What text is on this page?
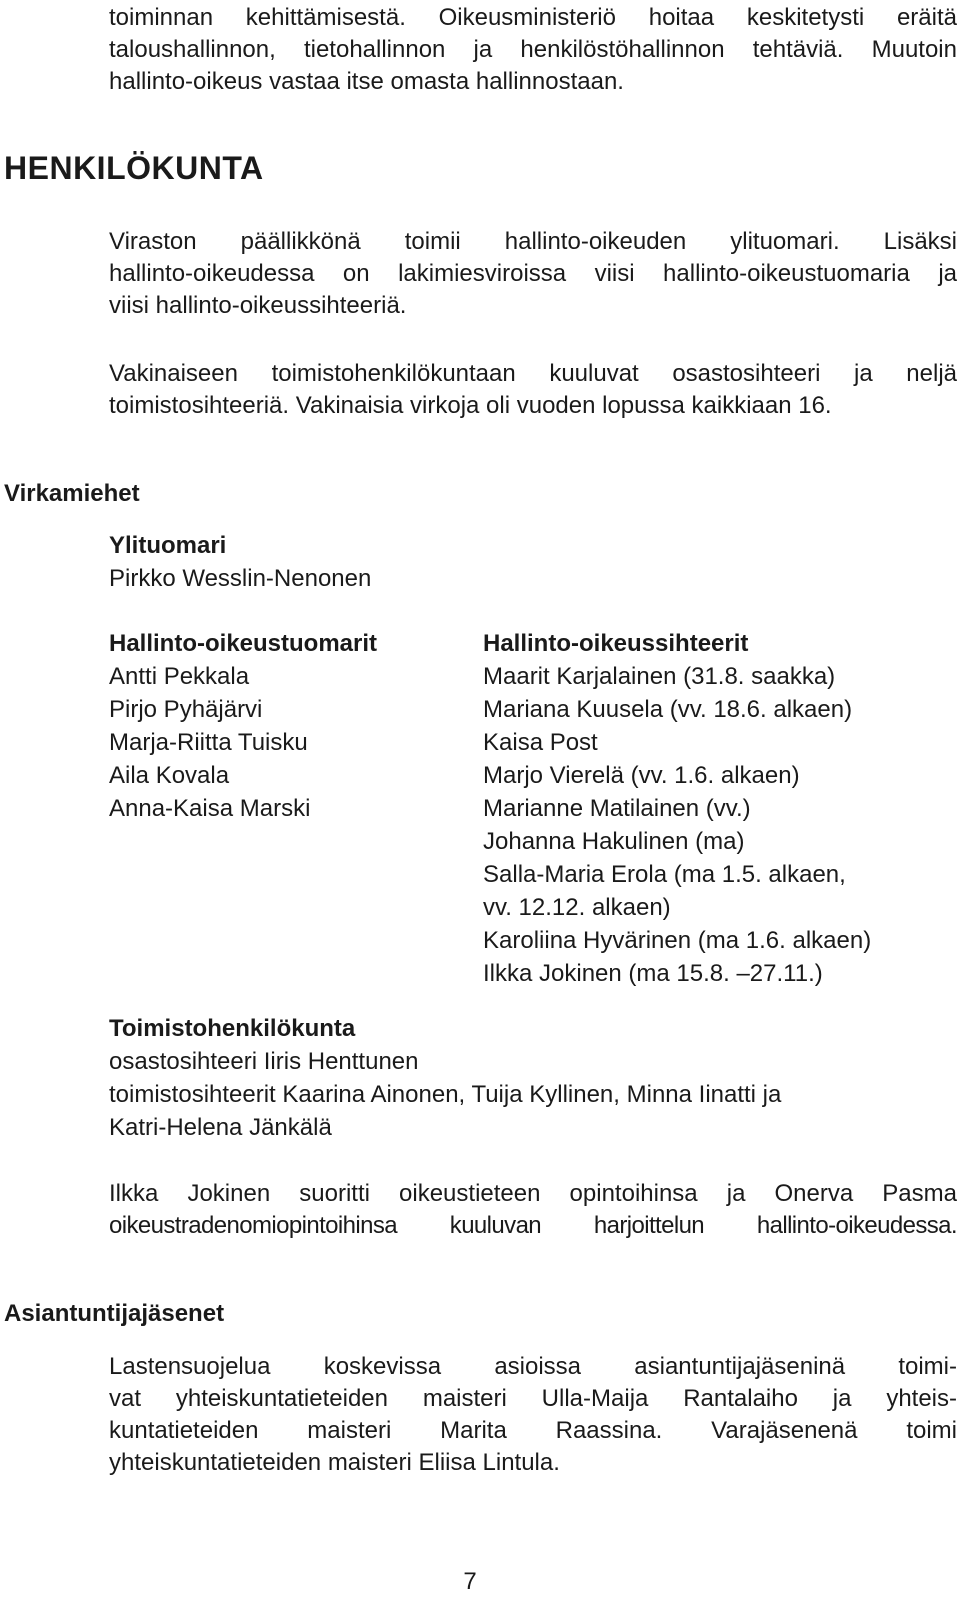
toiminnan kehittämisestä. Oikeusministeriö hoitaa keskitetysti eräitä
taloushallinnon, tietohallinnon ja henkilöstöhallinnon tehtäviä. Muutoin
hallinto-oikeus vastaa itse omasta hallinnostaan.
HENKILÖKUNTA
Viraston päällikkönä toimii hallinto-oikeuden ylituomari. Lisäksi
hallinto-oikeudessa on lakimiesviroissa viisi hallinto-oikeustuomaria ja
viisi hallinto-oikeussihteeriä.
Vakinaiseen toimistohenkilökuntaan kuuluvat osastosihteeri ja neljä
toimistosihteeriä. Vakinaisia virkoja oli vuoden lopussa kaikkiaan 16.
Virkamiehet
Ylituomari
Pirkko Wesslin-Nenonen
Hallinto-oikeustuomarit
Antti Pekkala
Pirjo Pyhäjärvi
Marja-Riitta Tuisku
Aila Kovala
Anna-Kaisa Marski
Hallinto-oikeussihteerit
Maarit Karjalainen (31.8. saakka)
Mariana Kuusela (vv. 18.6. alkaen)
Kaisa Post
Marjo Vierelä (vv. 1.6. alkaen)
Marianne Matilainen (vv.)
Johanna Hakulinen (ma)
Salla-Maria Erola (ma 1.5. alkaen,
vv. 12.12. alkaen)
Karoliina Hyvärinen (ma 1.6. alkaen)
Ilkka Jokinen (ma 15.8. –27.11.)
Toimistohenkilökunta
osastosihteeri Iiris Henttunen
toimistosihteerit Kaarina Ainonen, Tuija Kyllinen, Minna Iinatti ja
Katri-Helena Jänkälä
Ilkka Jokinen suoritti oikeustieteen opintoihinsa ja Onerva Pasma
oikeustradenomiopintoihinsa kuuluvan harjoittelun hallinto-oikeudessa.
Asiantuntijajäsenet
Lastensuojelua koskevissa asioissa asiantuntijajäseninä toimi-
vat yhteiskuntatieteiden maisteri Ulla-Maija Rantalaiho ja yhteis-
kuntatieteiden maisteri Marita Raassina. Varajäsenenä toimi
yhteiskuntatieteiden maisteri Eliisa Lintula.
7
